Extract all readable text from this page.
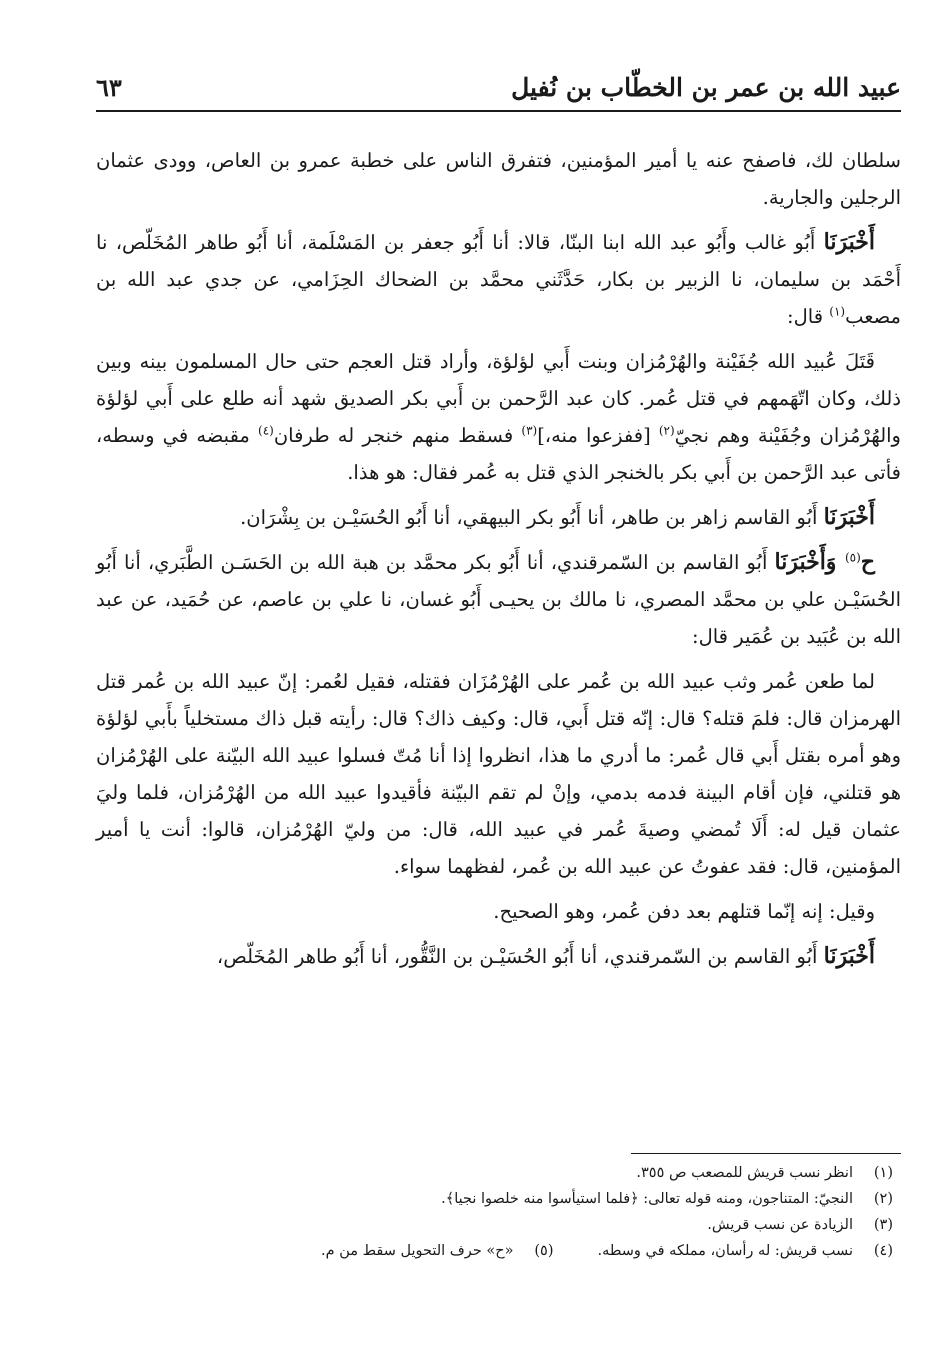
عبيد الله بن عمر بن الخطّاب بن نُفيل
٦٣

سلطان لك، فاصفح عنه يا أمير المؤمنين، فتفرق الناس على خطبة عمرو بن العاص، وودى عثمان الرجلين والجارية.

أَخْبَرَنَا أَبُو غالب وأَبُو عبد الله ابنا البنّا، قالا: أنا أَبُو جعفر بن المَسْلَمة، أنا أَبُو طاهر المُخَلّص، نا أَحْمَد بن سليمان، نا الزبير بن بكار، حَدَّثَني محمَّد بن الضحاك الحِزَامي، عن جدي عبد الله بن مصعب$^{(١)}$ قال:

قَتَلَ عُبيد الله جُفَيْنة والهُرْمُزان وبنت أَبي لؤلؤة، وأراد قتل العجم حتى حال المسلمون بينه وبين ذلك، وكان اتّهَمهم في قتل عُمر. كان عبد الرَّحمن بن أَبي بكر الصديق شهد أنه طلع على أَبي لؤلؤة والهُرْمُزان وجُفَيْنة وهم نجيّ$^{(٢)}$ [ففزعوا منه،]$^{(٣)}$ فسقط منهم خنجر له طرفان$^{(٤)}$ مقبضه في وسطه، فأتى عبد الرَّحمن بن أَبي بكر بالخنجر الذي قتل به عُمر فقال: هو هذا.

أَخْبَرَنَا أَبُو القاسم زاهر بن طاهر، أنا أَبُو بكر البيهقي، أنا أَبُو الحُسَيْـن بن بِشْرَان.

ح$^{(٥)}$ وَأَخْبَرَنَا أَبُو القاسم بن السّمرقندي، أنا أَبُو بكر محمَّد بن هبة الله بن الحَسَـن الطَّبَري، أنا أَبُو الحُسَيْـن علي بن محمَّد المصري، نا مالك بن يحيـى أَبُو غسان، نا علي بن عاصم، عن حُمَيد، عن عبد الله بن عُبَيد بن عُمَير قال:

لما طعن عُمر وثب عبيد الله بن عُمر على الهُرْمُزَان فقتله، فقيل لعُمر: إنّ عبيد الله بن عُمر قتل الهرمزان قال: فلمَ قتله؟ قال: إنّه قتل أَبي، قال: وكيف ذاك؟ قال: رأيته قبل ذاك مستخلياً بأَبي لؤلؤة وهو أمره بقتل أَبي قال عُمر: ما أدري ما هذا، انظروا إذا أنا مُتّ فسلوا عبيد الله البيّنة على الهُرْمُزان هو قتلني، فإن أقام البينة فدمه بدمي، وإنْ لم تقم البيّنة فأقيدوا عبيد الله من الهُرْمُزان، فلما وليَ عثمان قيل له: أَلَا تُمضي وصيةَ عُمر في عبيد الله، قال: من وليّ الهُرْمُزان، قالوا: أنت يا أمير المؤمنين، قال: فقد عفوتُ عن عبيد الله بن عُمر، لفظهما سواء.

وقيل: إنه إنّما قتلهم بعد دفن عُمر، وهو الصحيح.

أَخْبَرَنَا أَبُو القاسم بن السّمرقندي، أنا أَبُو الحُسَيْـن بن النَّقُّور، أنا أَبُو طاهر المُخَلّص،

(١)
انظر نسب قريش للمصعب ص ٣٥٥.
(٢)
النجيّ: المتناجون، ومنه قوله تعالى: ﴿فلما استيأسوا منه خلصوا نجيا﴾.
(٣)
الزيادة عن نسب قريش.
(٤)
نسب قريش: له رأسان، مملكه في وسطه.
(٥)
«ح» حرف التحويل سقط من م.
